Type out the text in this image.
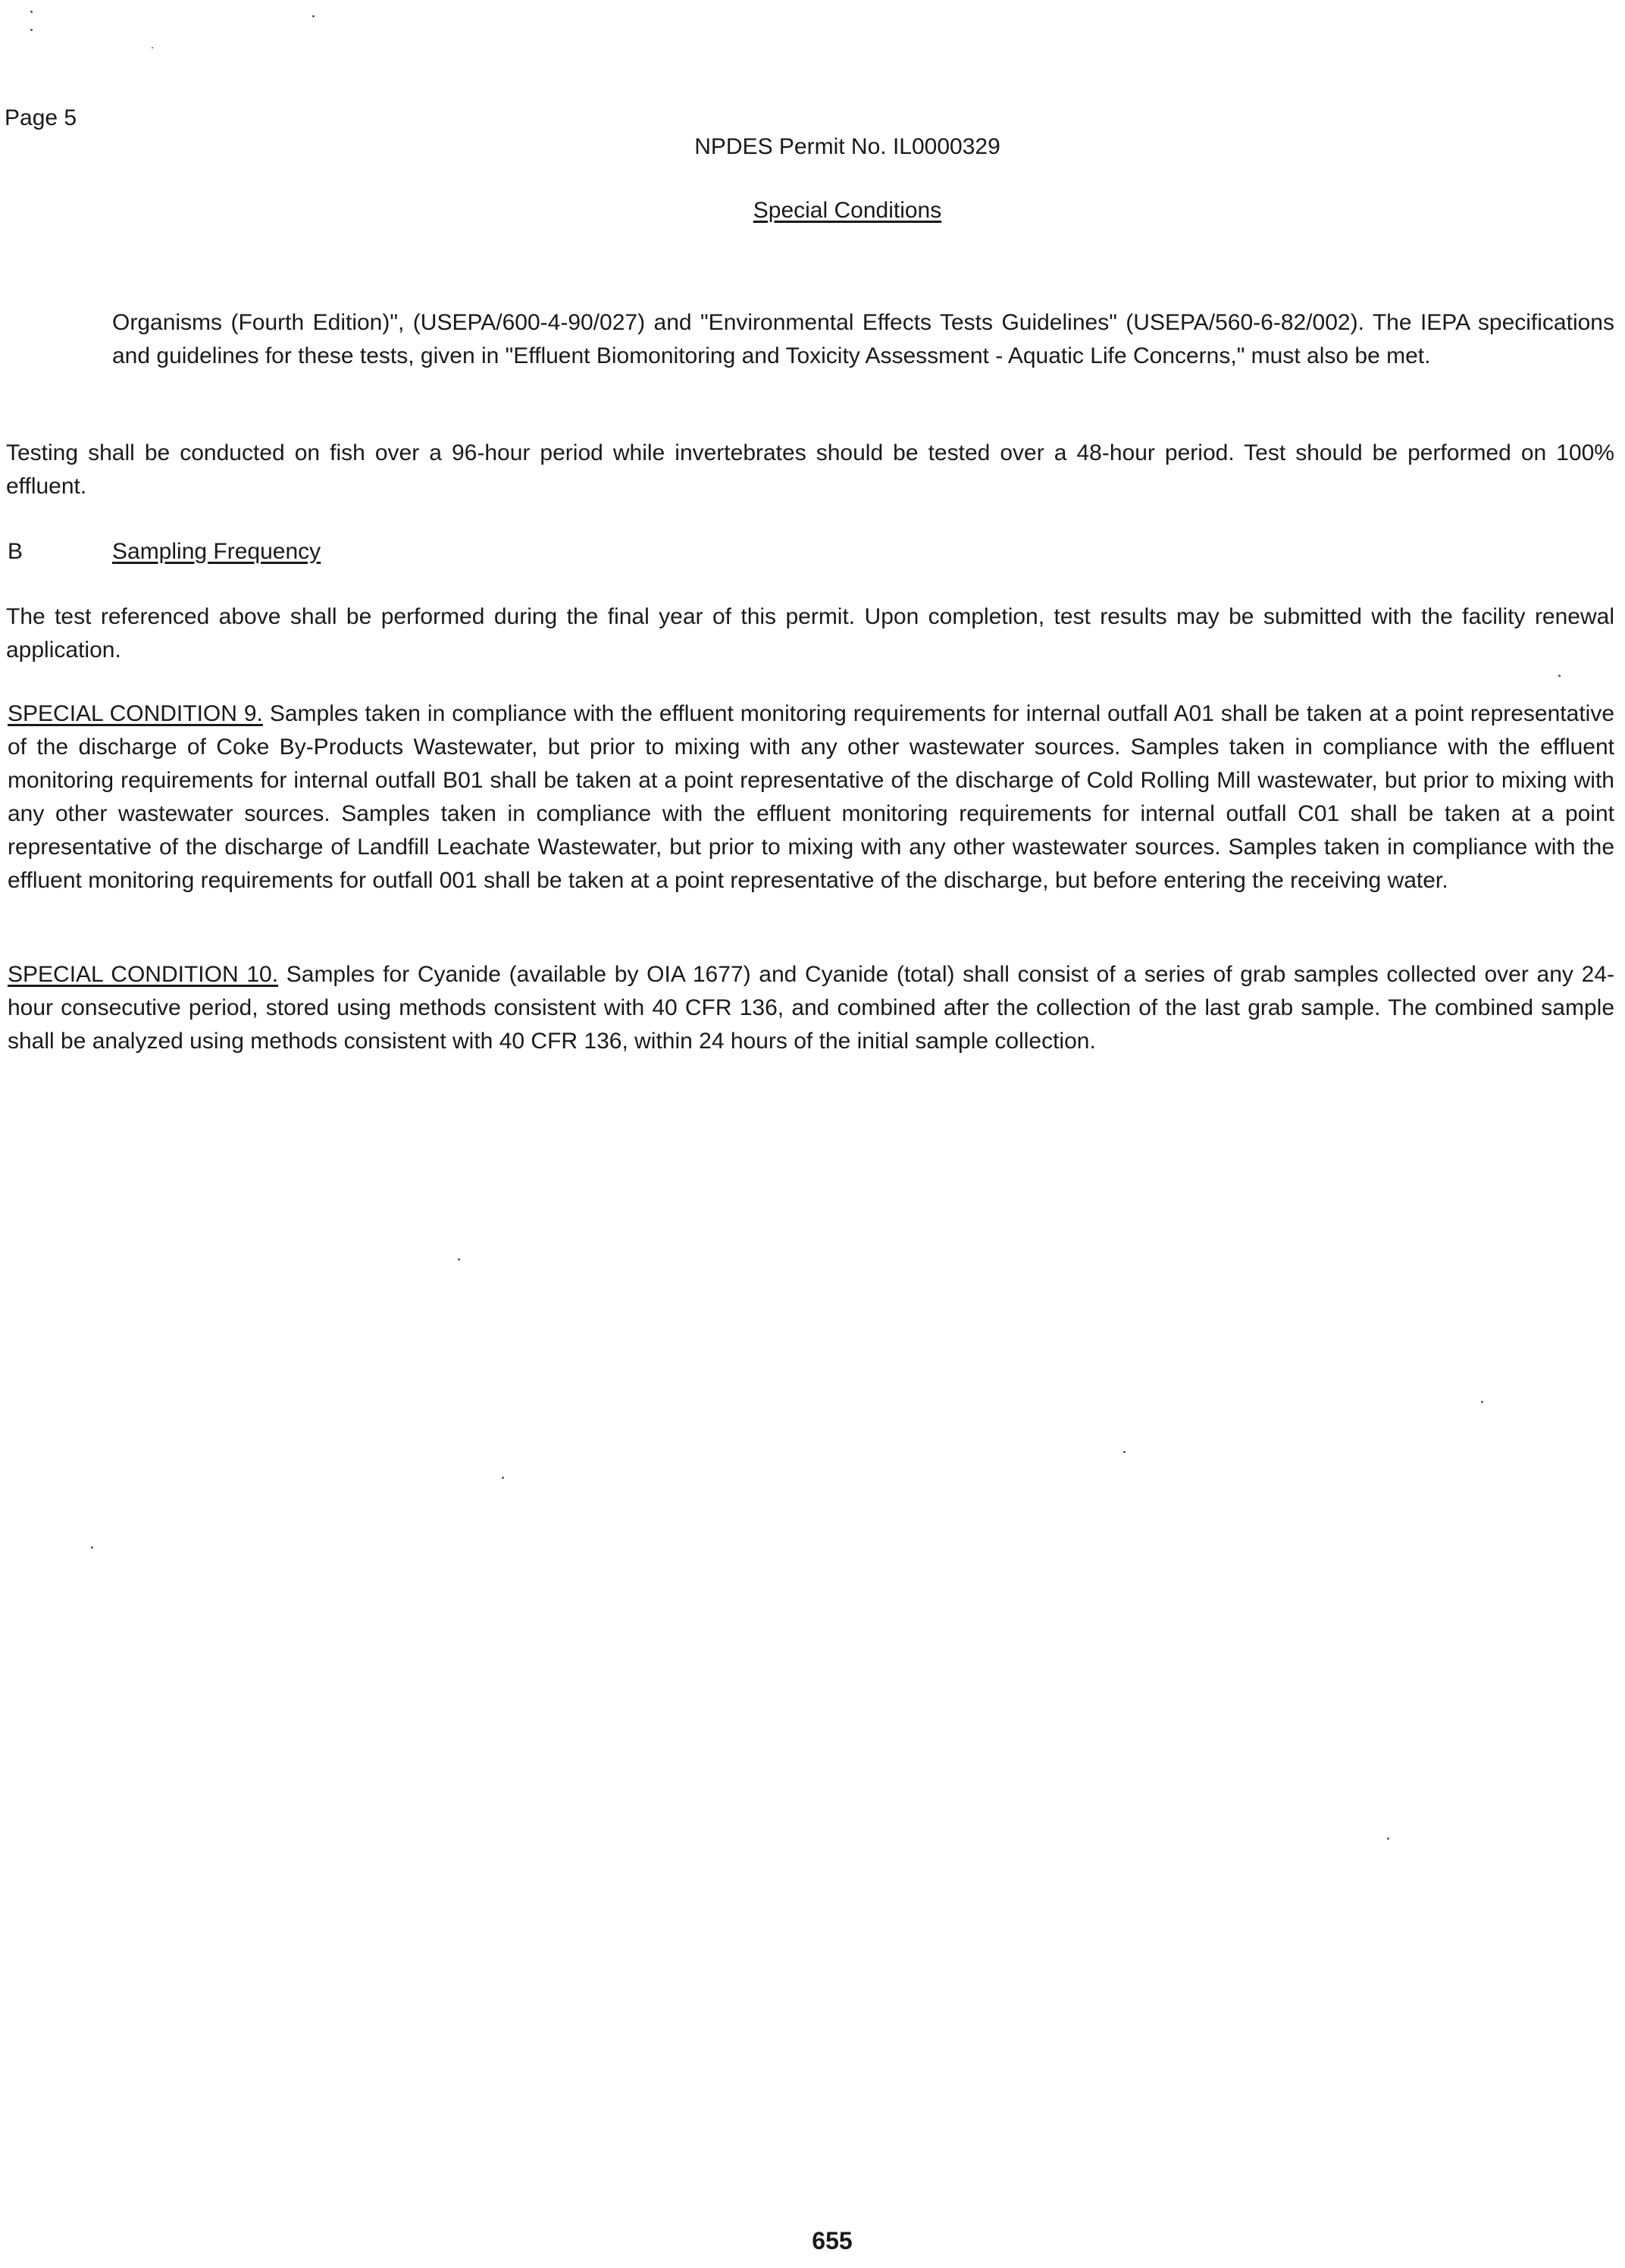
Page 5
NPDES Permit No. IL0000329
Special Conditions

Organisms (Fourth Edition)", (USEPA/600-4-90/027) and "Environmental Effects Tests Guidelines" (USEPA/560-6-82/002). The IEPA specifications and guidelines for these tests, given in "Effluent Biomonitoring and Toxicity Assessment - Aquatic Life Concerns," must also be met.

Testing shall be conducted on fish over a 96-hour period while invertebrates should be tested over a 48-hour period. Test should be performed on 100% effluent.

B	Sampling Frequency

The test referenced above shall be performed during the final year of this permit. Upon completion, test results may be submitted with the facility renewal application.

SPECIAL CONDITION 9. Samples taken in compliance with the effluent monitoring requirements for internal outfall A01 shall be taken at a point representative of the discharge of Coke By-Products Wastewater, but prior to mixing with any other wastewater sources. Samples taken in compliance with the effluent monitoring requirements for internal outfall B01 shall be taken at a point representative of the discharge of Cold Rolling Mill wastewater, but prior to mixing with any other wastewater sources. Samples taken in compliance with the effluent monitoring requirements for internal outfall C01 shall be taken at a point representative of the discharge of Landfill Leachate Wastewater, but prior to mixing with any other wastewater sources. Samples taken in compliance with the effluent monitoring requirements for outfall 001 shall be taken at a point representative of the discharge, but before entering the receiving water.

SPECIAL CONDITION 10. Samples for Cyanide (available by OIA 1677) and Cyanide (total) shall consist of a series of grab samples collected over any 24-hour consecutive period, stored using methods consistent with 40 CFR 136, and combined after the collection of the last grab sample. The combined sample shall be analyzed using methods consistent with 40 CFR 136, within 24 hours of the initial sample collection.

655
